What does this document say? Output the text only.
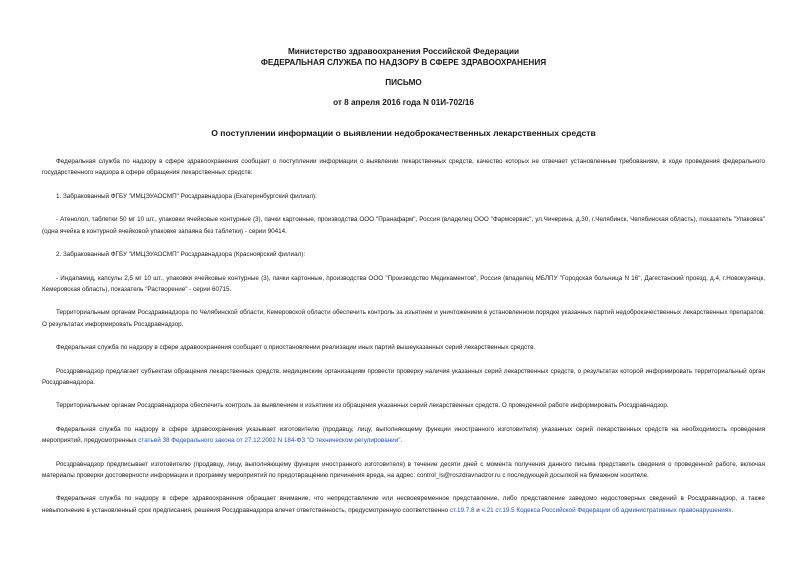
Министерство здравоохранения Российской Федерации
ФЕДЕРАЛЬНАЯ СЛУЖБА ПО НАДЗОРУ В СФЕРЕ ЗДРАВООХРАНЕНИЯ
ПИСЬМО
от 8 апреля 2016 года N 01И-702/16
О поступлении информации о выявлении недоброкачественных лекарственных средств

Федеральная служба по надзору в сфере здравоохранения сообщает о поступлении информации о выявлении лекарственных средств, качество которых не отвечает установленным требованиям, в ходе проведения федерального государственного надзора в сфере обращения лекарственных средств:

1. Забракованный ФГБУ "ИМЦЭУАОСМП" Росздравнадзора (Екатеринбургский филиал):

- Атенолол, таблетки 50 мг 10 шт., упаковки ячейковые контурные (3), пачки картонные, производства ООО "Пранафарм", Россия (владелец ООО "Фармсервис", ул.Чичерина, д.30, г.Челябинск, Челябинская область), показатель "Упаковка" (одна ячейка в контурной ячейковой упаковке запаяна без таблетки) - серии 90414.

2. Забракованный ФГБУ "ИМЦЭУАОСМП" Росздравнадзора (Красноярский филиал):

- Индапамид, капсулы 2,5 мг 10 шт., упаковки ячейковые контурные (3), пачки картонные, производства ООО "Производство Медикаментов", Россия (владелец МБЛПУ "Городская больница N 16", Дагестанский проезд, д.4, г.Новокузнецк, Кемеровская область), показатель "Растворение" - серии 60715.

Территориальным органам Росздравнадзора по Челябинской области, Кемеровской области обеспечить контроль за изъятием и уничтожением в установленном порядке указанных партий недоброкачественных лекарственных препаратов. О результатах информировать Росздравнадзор.

Федеральная служба по надзору в сфере здравоохранения сообщает о приостановлении реализации иных партий вышеуказанных серий лекарственных средств.

Росздравнадзор предлагает субъектам обращения лекарственных средств, медицинским организациям провести проверку наличия указанных серий лекарственных средств, о результатах которой информировать территориальный орган Росздравнадзора.

Территориальным органам Росздравнадзора обеспечить контроль за выявлением и изъятием из обращения указанных серий лекарственных средств. О проведенной работе информировать Росздравнадзор.

Федеральная служба по надзору в сфере здравоохранения указывает изготовителю (продавцу, лицу, выполняющему функции иностранного изготовителя) указанных серий лекарственных средств на необходимость проведения мероприятий, предусмотренных статьей 38 Федерального закона от 27.12.2002 N 184-ФЗ "О техническом регулировании".

Росздравнадзор предписывает изготовителю (продавцу, лицу, выполняющему функции иностранного изготовителя) в течение десяти дней с момента получения данного письма представить сведения о проведенной работе, включая материалы проверки достоверности информации и программу мероприятий по предотвращению причинения вреда, на адрес: control_ls@roszdravnadzor.ru с последующей досылкой на бумажном носителе.

Федеральная служба по надзору в сфере здравоохранения обращает внимание, что непредставление или несвоевременное представление, либо представление заведомо недостоверных сведений в Росздравнадзор, а также невыполнение в установленный срок предписания, решения Росздравнадзора влечет ответственность, предусмотренную соответственно ст.19.7.8 и ч.21 ст.19.5 Кодекса Российской Федерации об административных правонарушениях.
